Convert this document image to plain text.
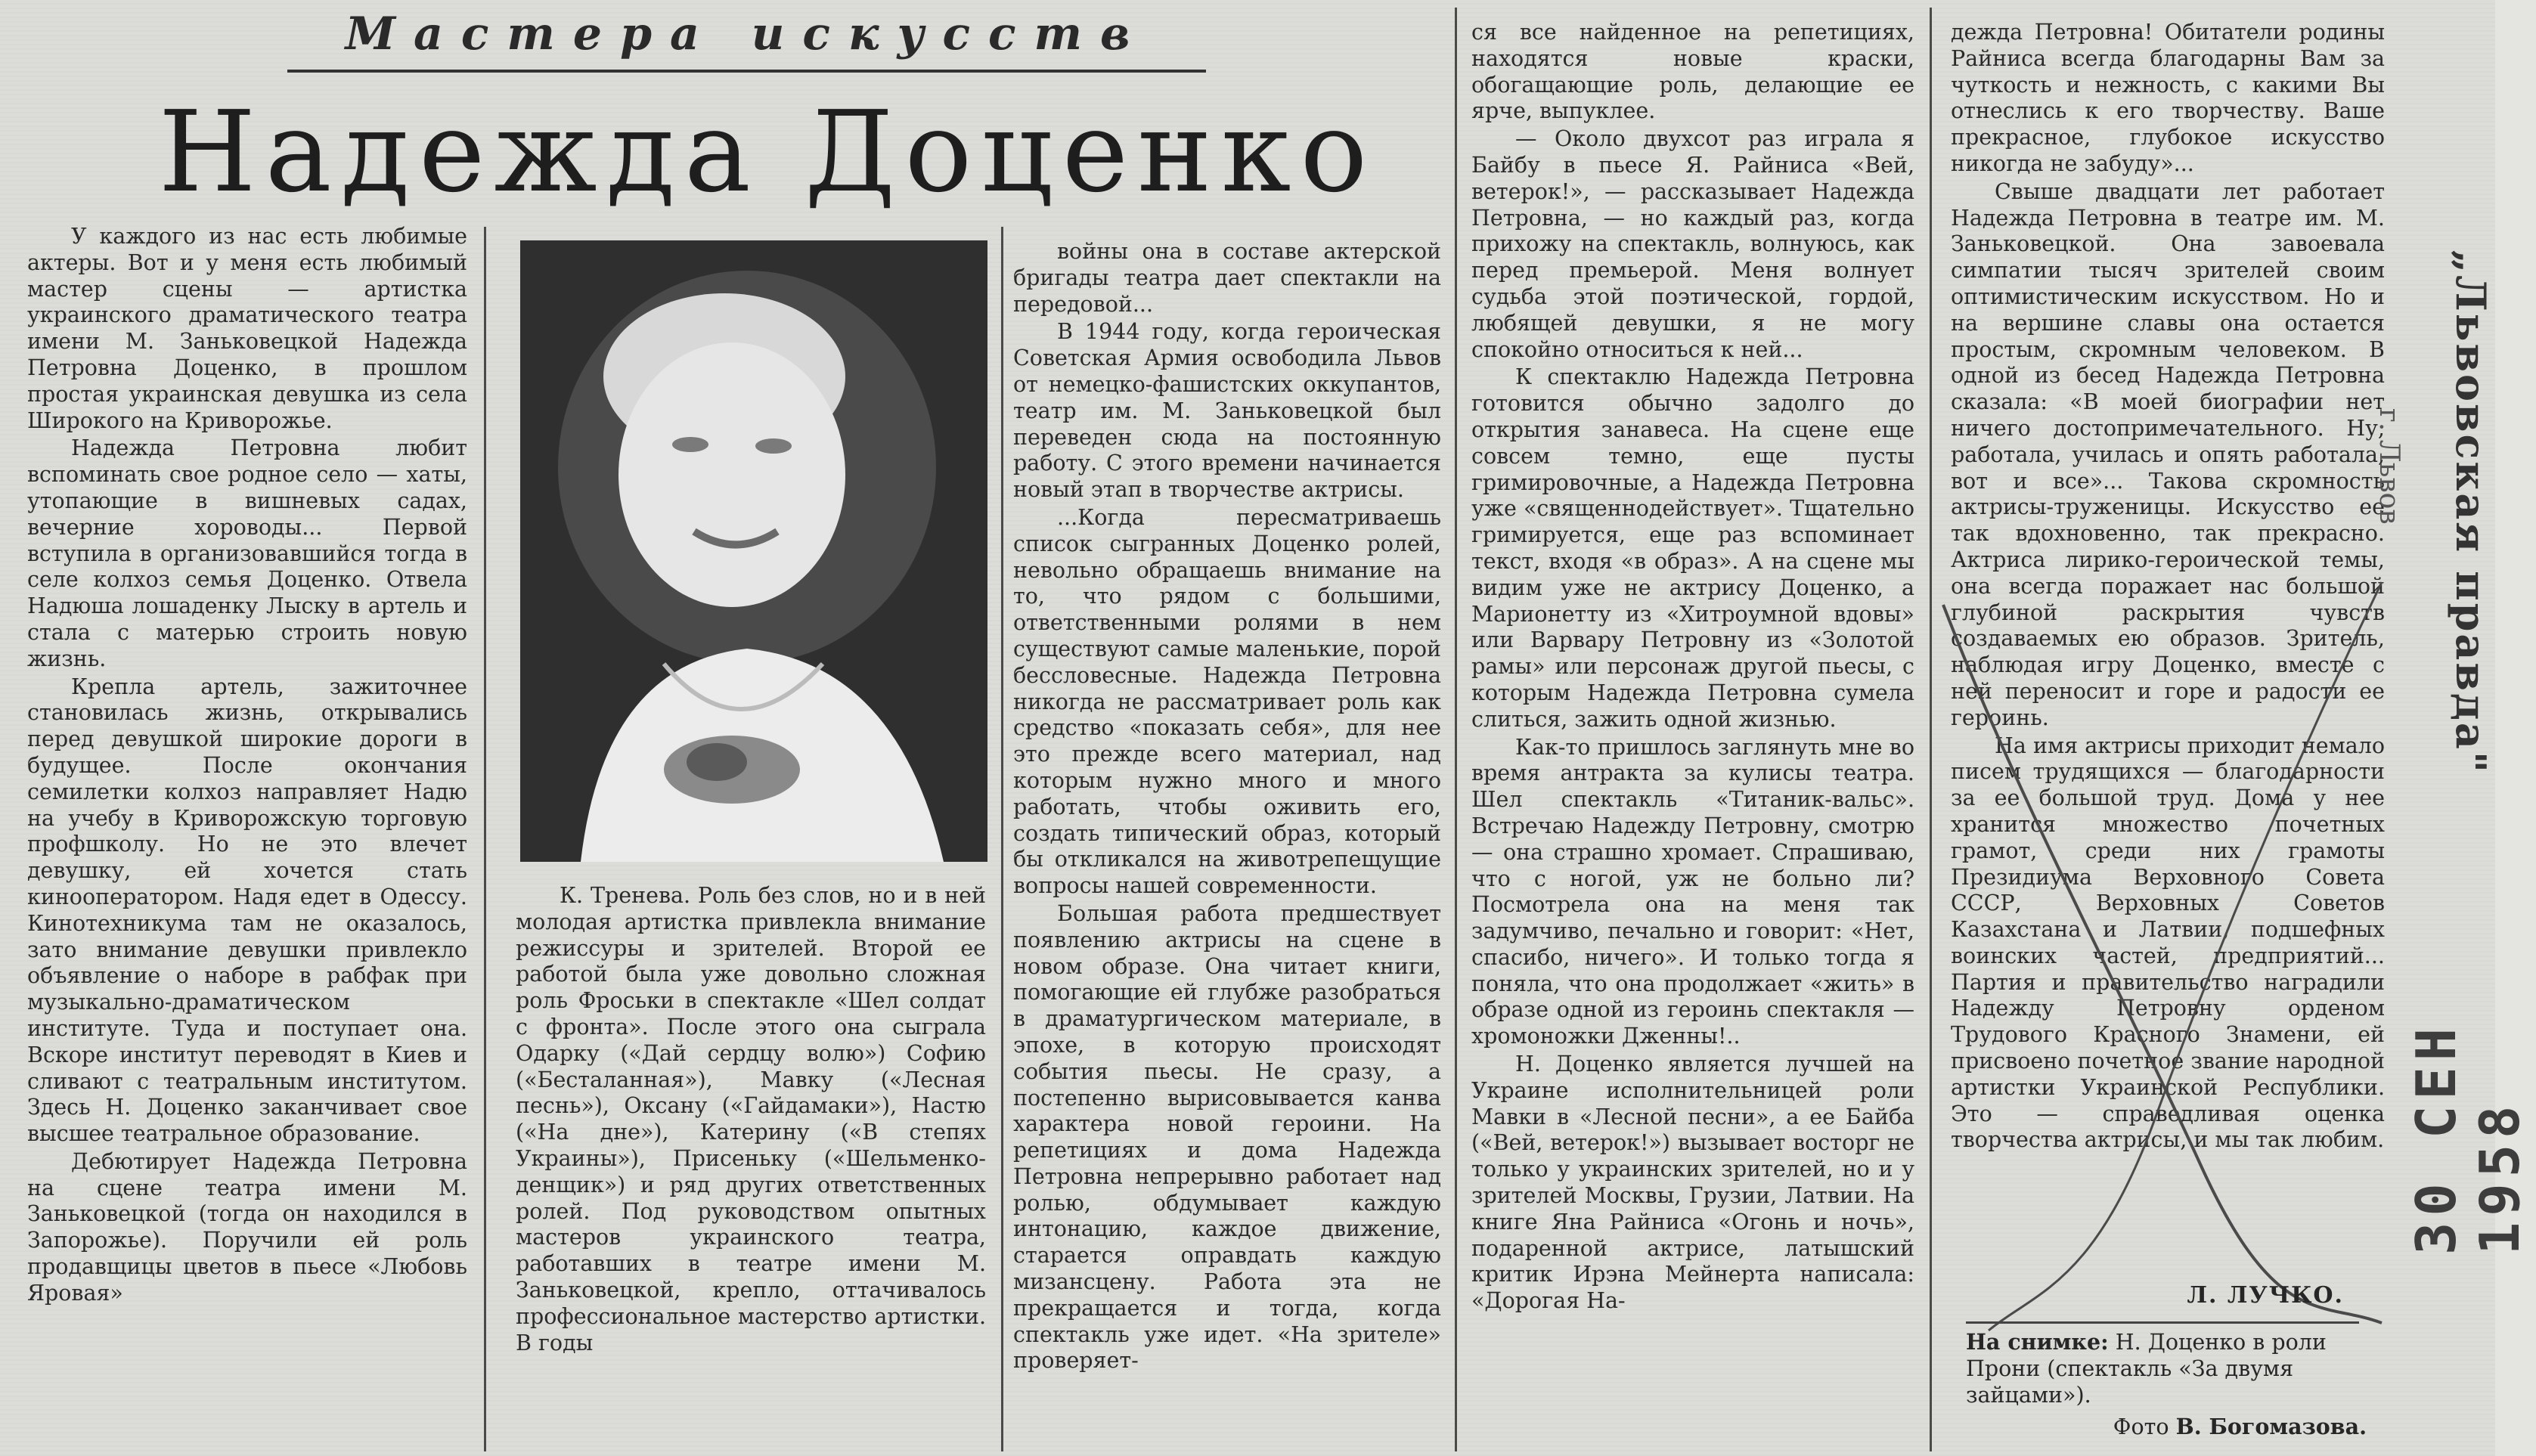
Мастера искусств
Надежда Доценко

У каждого из нас есть любимые актеры. Вот и у меня есть любимый мастер сцены — артистка украинского драматического театра имени М. Заньковецкой Надежда Петровна Доценко, в прошлом простая украинская девушка из села Широкого на Криворожье.

Надежда Петровна любит вспоминать свое родное село — хаты, утопающие в вишневых садах, вечерние хороводы... Первой вступила в организовавшийся тогда в селе колхоз семья Доценко. Отвела Надюша лошаденку Лыску в артель и стала с матерью строить новую жизнь.

Крепла артель, зажиточнее становилась жизнь, открывались перед девушкой широкие дороги в будущее. После окончания семилетки колхоз направляет Надю на учебу в Криворожскую торговую профшколу. Но не это влечет девушку, ей хочется стать кинооператором. Надя едет в Одессу. Кинотехникума там не оказалось, зато внимание девушки привлекло объявление о наборе в рабфак при музыкально-драматическом институте. Туда и поступает она. Вскоре институт переводят в Киев и сливают с театральным институтом. Здесь Н. Доценко заканчивает свое высшее театральное образование.

Дебютирует Надежда Петровна на сцене театра имени М. Заньковецкой (тогда он находился в Запорожье). Поручили ей роль продавщицы цветов в пьесе «Любовь Яровая»

К. Тренева. Роль без слов, но и в ней молодая артистка привлекла внимание режиссуры и зрителей. Второй ее работой была уже довольно сложная роль Фроськи в спектакле «Шел солдат с фронта». После этого она сыграла Одарку («Дай сердцу волю») Софию («Бесталанная»), Мавку («Лесная песнь»), Оксану («Гайдамаки»), Настю («На дне»), Катерину («В степях Украины»), Присеньку («Шельменко-денщик») и ряд других ответственных ролей. Под руководством опытных мастеров украинского театра, работавших в театре имени М. Заньковецкой, крепло, оттачивалось профессиональное мастерство артистки. В годы

войны она в составе актерской бригады театра дает спектакли на передовой...

В 1944 году, когда героическая Советская Армия освободила Львов от немецко-фашистских оккупантов, театр им. М. Заньковецкой был переведен сюда на постоянную работу. С этого времени начинается новый этап в творчестве актрисы.

...Когда пересматриваешь список сыгранных Доценко ролей, невольно обращаешь внимание на то, что рядом с большими, ответственными ролями в нем существуют самые маленькие, порой бессловесные. Надежда Петровна никогда не рассматривает роль как средство «показать себя», для нее это прежде всего материал, над которым нужно много и много работать, чтобы оживить его, создать типический образ, который бы откликался на животрепещущие вопросы нашей современности.

Большая работа предшествует появлению актрисы на сцене в новом образе. Она читает книги, помогающие ей глубже разобраться в драматургическом материале, в эпохе, в которую происходят события пьесы. Не сразу, а постепенно вырисовывается канва характера новой героини. На репетициях и дома Надежда Петровна непрерывно работает над ролью, обдумывает каждую интонацию, каждое движение, старается оправдать каждую мизансцену. Работа эта не прекращается и тогда, когда спектакль уже идет. «На зрителе» проверяет-

ся все найденное на репетициях, находятся новые краски, обогащающие роль, делающие ее ярче, выпуклее.

— Около двухсот раз играла я Байбу в пьесе Я. Райниса «Вей, ветерок!», — рассказывает Надежда Петровна, — но каждый раз, когда прихожу на спектакль, волнуюсь, как перед премьерой. Меня волнует судьба этой поэтической, гордой, любящей девушки, я не могу спокойно относиться к ней...

К спектаклю Надежда Петровна готовится обычно задолго до открытия занавеса. На сцене еще совсем темно, еще пусты гримировочные, а Надежда Петровна уже «священнодействует». Тщательно гримируется, еще раз вспоминает текст, входя «в образ». А на сцене мы видим уже не актрису Доценко, а Марионетту из «Хитроумной вдовы» или Варвару Петровну из «Золотой рамы» или персонаж другой пьесы, с которым Надежда Петровна сумела слиться, зажить одной жизнью.

Как-то пришлось заглянуть мне во время антракта за кулисы театра. Шел спектакль «Титаник-вальс». Встречаю Надежду Петровну, смотрю — она страшно хромает. Спрашиваю, что с ногой, уж не больно ли? Посмотрела она на меня так задумчиво, печально и говорит: «Нет, спасибо, ничего». И только тогда я поняла, что она продолжает «жить» в образе одной из героинь спектакля — хромоножки Дженны!..

Н. Доценко является лучшей на Украине исполнительницей роли Мавки в «Лесной песни», а ее Байба («Вей, ветерок!») вызывает восторг не только у украинских зрителей, но и у зрителей Москвы, Грузии, Латвии. На книге Яна Райниса «Огонь и ночь», подаренной актрисе, латышский критик Ирэна Мейнерта написала: «Дорогая На-

дежда Петровна! Обитатели родины Райниса всегда благодарны Вам за чуткость и нежность, с какими Вы отнеслись к его творчеству. Ваше прекрасное, глубокое искусство никогда не забуду»...

Свыше двадцати лет работает Надежда Петровна в театре им. М. Заньковецкой. Она завоевала симпатии тысяч зрителей своим оптимистическим искусством. Но и на вершине славы она остается простым, скромным человеком. В одной из бесед Надежда Петровна сказала: «В моей биографии нет ничего достопримечательного. Ну, работала, училась и опять работала, вот и все»... Такова скромность актрисы-труженицы. Искусство ее так вдохновенно, так прекрасно. Актриса лирико-героической темы, она всегда поражает нас большой глубиной раскрытия чувств создаваемых ею образов. Зритель, наблюдая игру Доценко, вместе с ней переносит и горе и радости ее героинь.

На имя актрисы приходит немало писем трудящихся — благодарности за ее большой труд. Дома у нее хранится множество почетных грамот, среди них грамоты Президиума Верховного Совета СССР, Верховных Советов Казахстана и Латвии, подшефных воинских частей, предприятий... Партия и правительство наградили Надежду Петровну орденом Трудового Красного Знамени, ей присвоено почетное звание народной артистки Украинской Республики. Это — справедливая оценка творчества актрисы, и мы так любим.

Л. ЛУЧКО.
На снимке: Н. Доценко в роли Прони (спектакль «За двумя зайцами»).
Фото В. Богомазова.
„Львовская правда"
г. Львов
30 СЕН 1958
